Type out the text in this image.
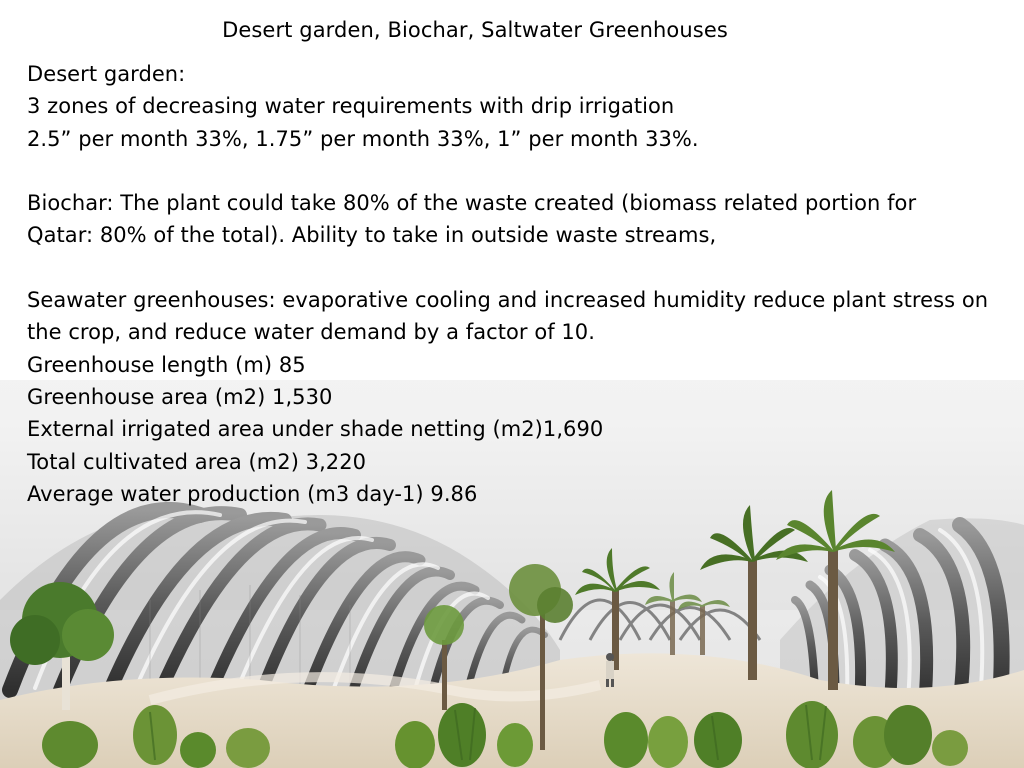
Desert garden, Biochar, Saltwater Greenhouses
Desert garden:
3 zones of decreasing water requirements with drip irrigation
2.5” per month 33%, 1.75” per month 33%, 1” per month 33%.
Biochar: The plant could take 80% of the waste created (biomass related portion for
Qatar: 80% of the total). Ability to take in outside waste streams,
Seawater greenhouses: evaporative cooling and increased humidity reduce plant stress on
the crop, and reduce water demand by a factor of 10.
Greenhouse length (m) 85
Greenhouse area (m2) 1,530
External irrigated area under shade netting (m2)1,690
Total cultivated area (m2) 3,220
Average water production (m3 day-1) 9.86
